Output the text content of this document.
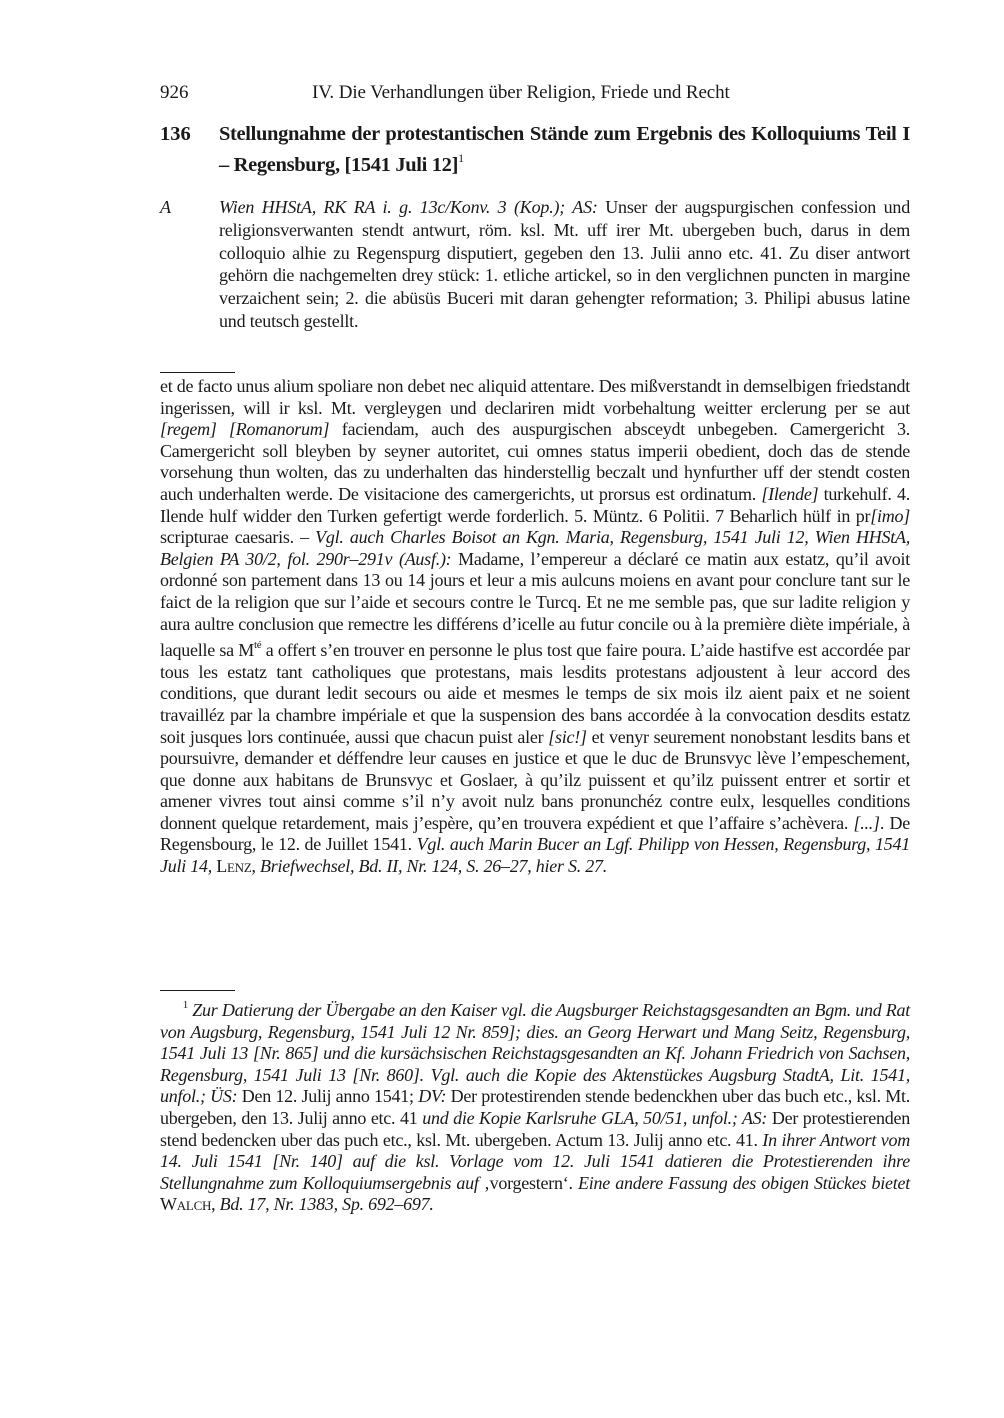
926	IV. Die Verhandlungen über Religion, Friede und Recht
136 Stellungnahme der protestantischen Stände zum Ergebnis des Kolloquiums Teil I – Regensburg, [1541 Juli 12]$^1$
A	Wien HHStA, RK RA i. g. 13c/Konv. 3 (Kop.); AS: Unser der augspurgischen confession und religionsverwanten stendt antwurt, röm. ksl. Mt. uff irer Mt. ubergeben buch, darus in dem colloquio alhie zu Regenspurg disputiert, gegeben den 13. Julii anno etc. 41. Zu diser antwort gehörn die nachgemelten drey stück: 1. etliche artickel, so in den verglichnen puncten in margine verzaichent sein; 2. die abüsüs Buceri mit daran gehengter reformation; 3. Philipi abusus latine und teutsch gestellt.
et de facto unus alium spoliare non debet nec aliquid attentare. Des mißverstandt in demselbigen friedstandt ingerissen, will ir ksl. Mt. vergleygen und declariren midt vorbehaltung weitter erclerung per se aut [regem] [Romanorum] faciendam, auch des auspurgischen absceydt unbegeben. Camergericht 3. Camergericht soll bleyben by seyner autoritet, cui omnes status imperii obedient, doch das de stende vorsehung thun wolten, das zu underhalten das hinderstellig beczalt und hynfurther uff der stendt costen auch underhalten werde. De visitacione des camergerichts, ut prorsus est ordinatum. [Ilende] turkehulf. 4. Ilende hulf widder den Turken gefertigt werde forderlich. 5. Müntz. 6 Politii. 7 Beharlich hülf in pr[imo] scripturae caesaris. – Vgl. auch Charles Boisot an Kgn. Maria, Regensburg, 1541 Juli 12, Wien HHStA, Belgien PA 30/2, fol. 290r–291v (Ausf.): Madame, l’empereur a déclaré ce matin aux estatz, qu’il avoit ordonné son partement dans 13 ou 14 jours et leur a mis aulcuns moiens en avant pour conclure tant sur le faict de la religion que sur l’aide et secours contre le Turcq. Et ne me semble pas, que sur ladite religion y aura aultre conclusion que remectre les différens d’icelle au futur concile ou à la première diète impériale, à laquelle sa $M^{té}$ a offert s’en trouver en personne le plus tost que faire poura. L’aide hastifve est accordée par tous les estatz tant catholiques que protestans, mais lesdits protestans adjoustent à leur accord des conditions, que durant ledit secours ou aide et mesmes le temps de six mois ilz aient paix et ne soient travailléz par la chambre impériale et que la suspension des bans accordée à la convocation desdits estatz soit jusques lors continuée, aussi que chacun puist aler [sic!] et venyr seurement nonobstant lesdits bans et poursuivre, demander et déffendre leur causes en justice et que le duc de Brunsvyc lève l’empeschement, que donne aux habitans de Brunsvyc et Goslaer, à qu’ilz puissent et qu’ilz puissent entrer et sortir et amener vivres tout ainsi comme s’il n’y avoit nulz bans pronunchéz contre eulx, lesquelles conditions donnent quelque retardement, mais j’espère, qu’en trouvera expédient et que l’affaire s’achèvera. [...]. De Regensbourg, le 12. de Juillet 1541. Vgl. auch Marin Bucer an Lgf. Philipp von Hessen, Regensburg, 1541 Juli 14, Lenz, Briefwechsel, Bd. II, Nr. 124, S. 26–27, hier S. 27.
$^1$ Zur Datierung der Übergabe an den Kaiser vgl. die Augsburger Reichstagsgesandten an Bgm. und Rat von Augsburg, Regensburg, 1541 Juli 12 Nr. 859]; dies. an Georg Herwart und Mang Seitz, Regensburg, 1541 Juli 13 [Nr. 865] und die kursächsischen Reichstagsgesandten an Kf. Johann Friedrich von Sachsen, Regensburg, 1541 Juli 13 [Nr. 860]. Vgl. auch die Kopie des Aktenstückes Augsburg StadtA, Lit. 1541, unfol.; ÜS: Den 12. Julij anno 1541; DV: Der protestirenden stende bedenckhen uber das buch etc., ksl. Mt. ubergeben, den 13. Julij anno etc. 41 und die Kopie Karlsruhe GLA, 50/51, unfol.; AS: Der protestierenden stend bedencken uber das puch etc., ksl. Mt. ubergeben. Actum 13. Julij anno etc. 41. In ihrer Antwort vom 14. Juli 1541 [Nr. 140] auf die ksl. Vorlage vom 12. Juli 1541 datieren die Protestierenden ihre Stellungnahme zum Kolloquiumsergebnis auf ‚vorgestern‘. Eine andere Fassung des obigen Stückes bietet Walch, Bd. 17, Nr. 1383, Sp. 692–697.
